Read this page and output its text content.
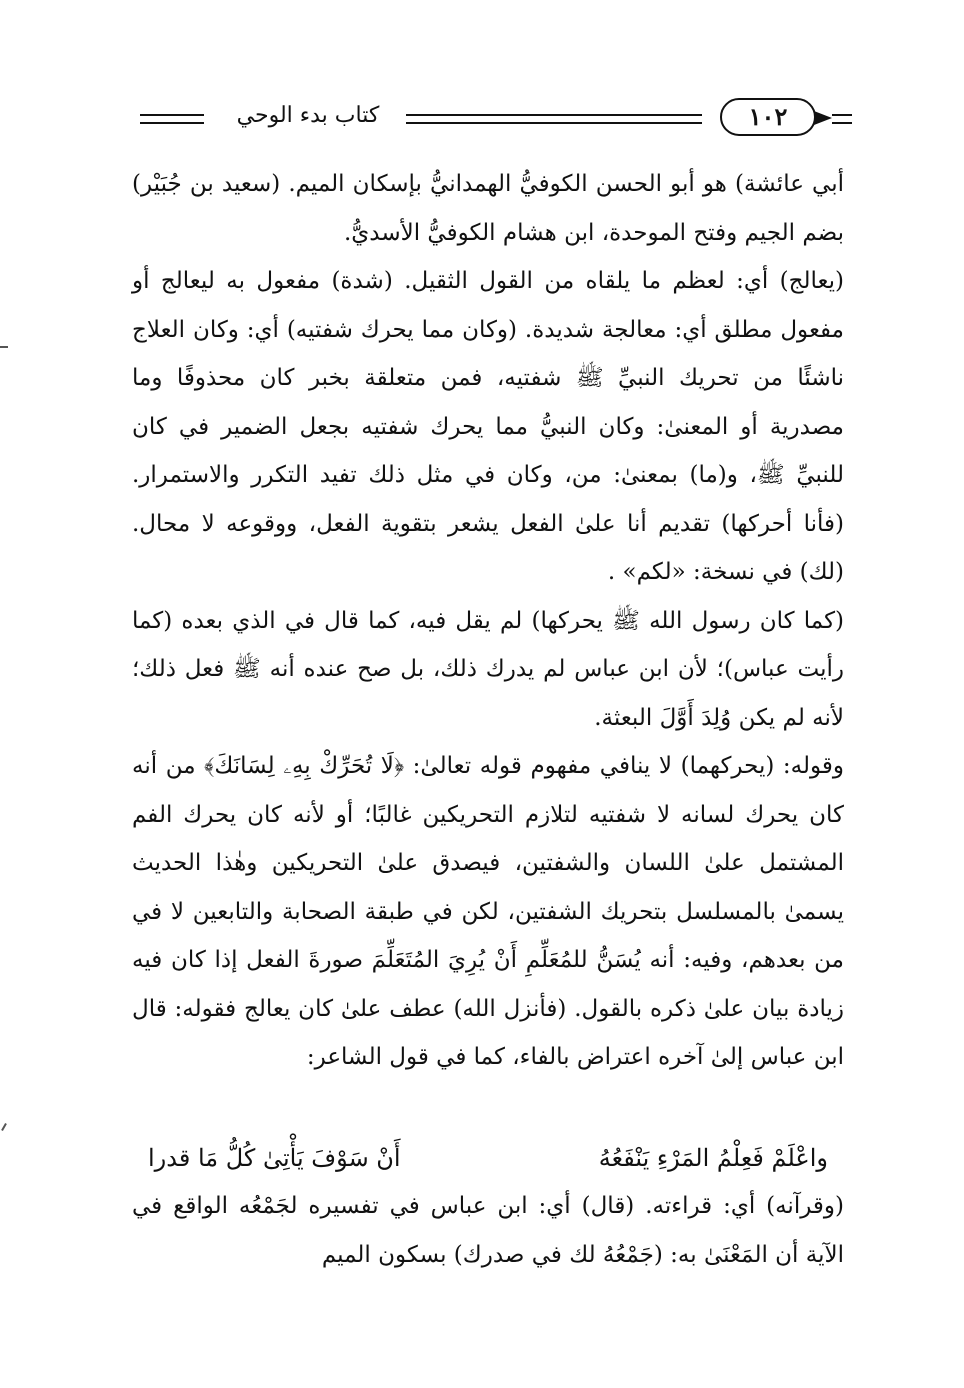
كتاب بدء الوحي	١٠٢

أبي عائشة) هو أبو الحسن الكوفيُّ الهمدانيُّ بإسكان الميم. (سعيد بن جُبَيْر) بضم الجيم وفتح الموحدة، ابن هشام الكوفيُّ الأسديُّ.

(يعالج) أي: لعظم ما يلقاه من القول الثقيل. (شدة) مفعول به ليعالج أو مفعول مطلق أي: معالجة شديدة. (وكان مما يحرك شفتيه) أي: وكان العلاج ناشئًا من تحريك النبيِّ ﷺ شفتيه، فمن متعلقة بخبر كان محذوفًا وما مصدرية أو المعنىٰ: وكان النبيُّ مما يحرك شفتيه بجعل الضمير في كان للنبيِّ ﷺ، و(ما) بمعنىٰ: من، وكان في مثل ذلك تفيد التكرر والاستمرار. (فأنا أحركها) تقديم أنا علىٰ الفعل يشعر بتقوية الفعل، ووقوعه لا محال. (لك) في نسخة: «لكم» .

(كما كان رسول الله ﷺ يحركها) لم يقل فيه، كما قال في الذي بعده (كما رأيت عباس)؛ لأن ابن عباس لم يدرك ذلك، بل صح عنده أنه ﷺ فعل ذلك؛ لأنه لم يكن وُلِدَ أَوَّلَ البعثة.

وقوله: (يحركهما) لا ينافي مفهوم قوله تعالىٰ: ﴿لَا تُحَرِّكْ بِهِۦ لِسَانَكَ﴾ من أنه كان يحرك لسانه لا شفتيه لتلازم التحريكين غالبًا؛ أو لأنه كان يحرك الفم المشتمل علىٰ اللسان والشفتين، فيصدق علىٰ التحريكين وهٰذا الحديث يسمىٰ بالمسلسل بتحريك الشفتين، لكن في طبقة الصحابة والتابعين لا في من بعدهم، وفيه: أنه يُسَنُّ للمُعَلِّمِ أَنْ يُرِيَ المُتَعَلِّمَ صورةَ الفعل إذا كان فيه زيادة بيان علىٰ ذكره بالقول. (فأنزل الله) عطف علىٰ كان يعالج فقوله: قال ابن عباس إلىٰ آخره اعتراض بالفاء، كما في قول الشاعر:

واعْلَمْ فَعِلْمُ المَرْءِ يَنْفَعُهُ
أَنْ سَوْفَ يَأْتِىٰ كُلُّ مَا قدرا

(وقرآنه) أي: قراءته. (قال) أي: ابن عباس في تفسيره لجَمْعُه الواقع في الآية أن المَعْنَىٰ به: (جَمْعُهُ لك في صدرك) بسكون الميم
